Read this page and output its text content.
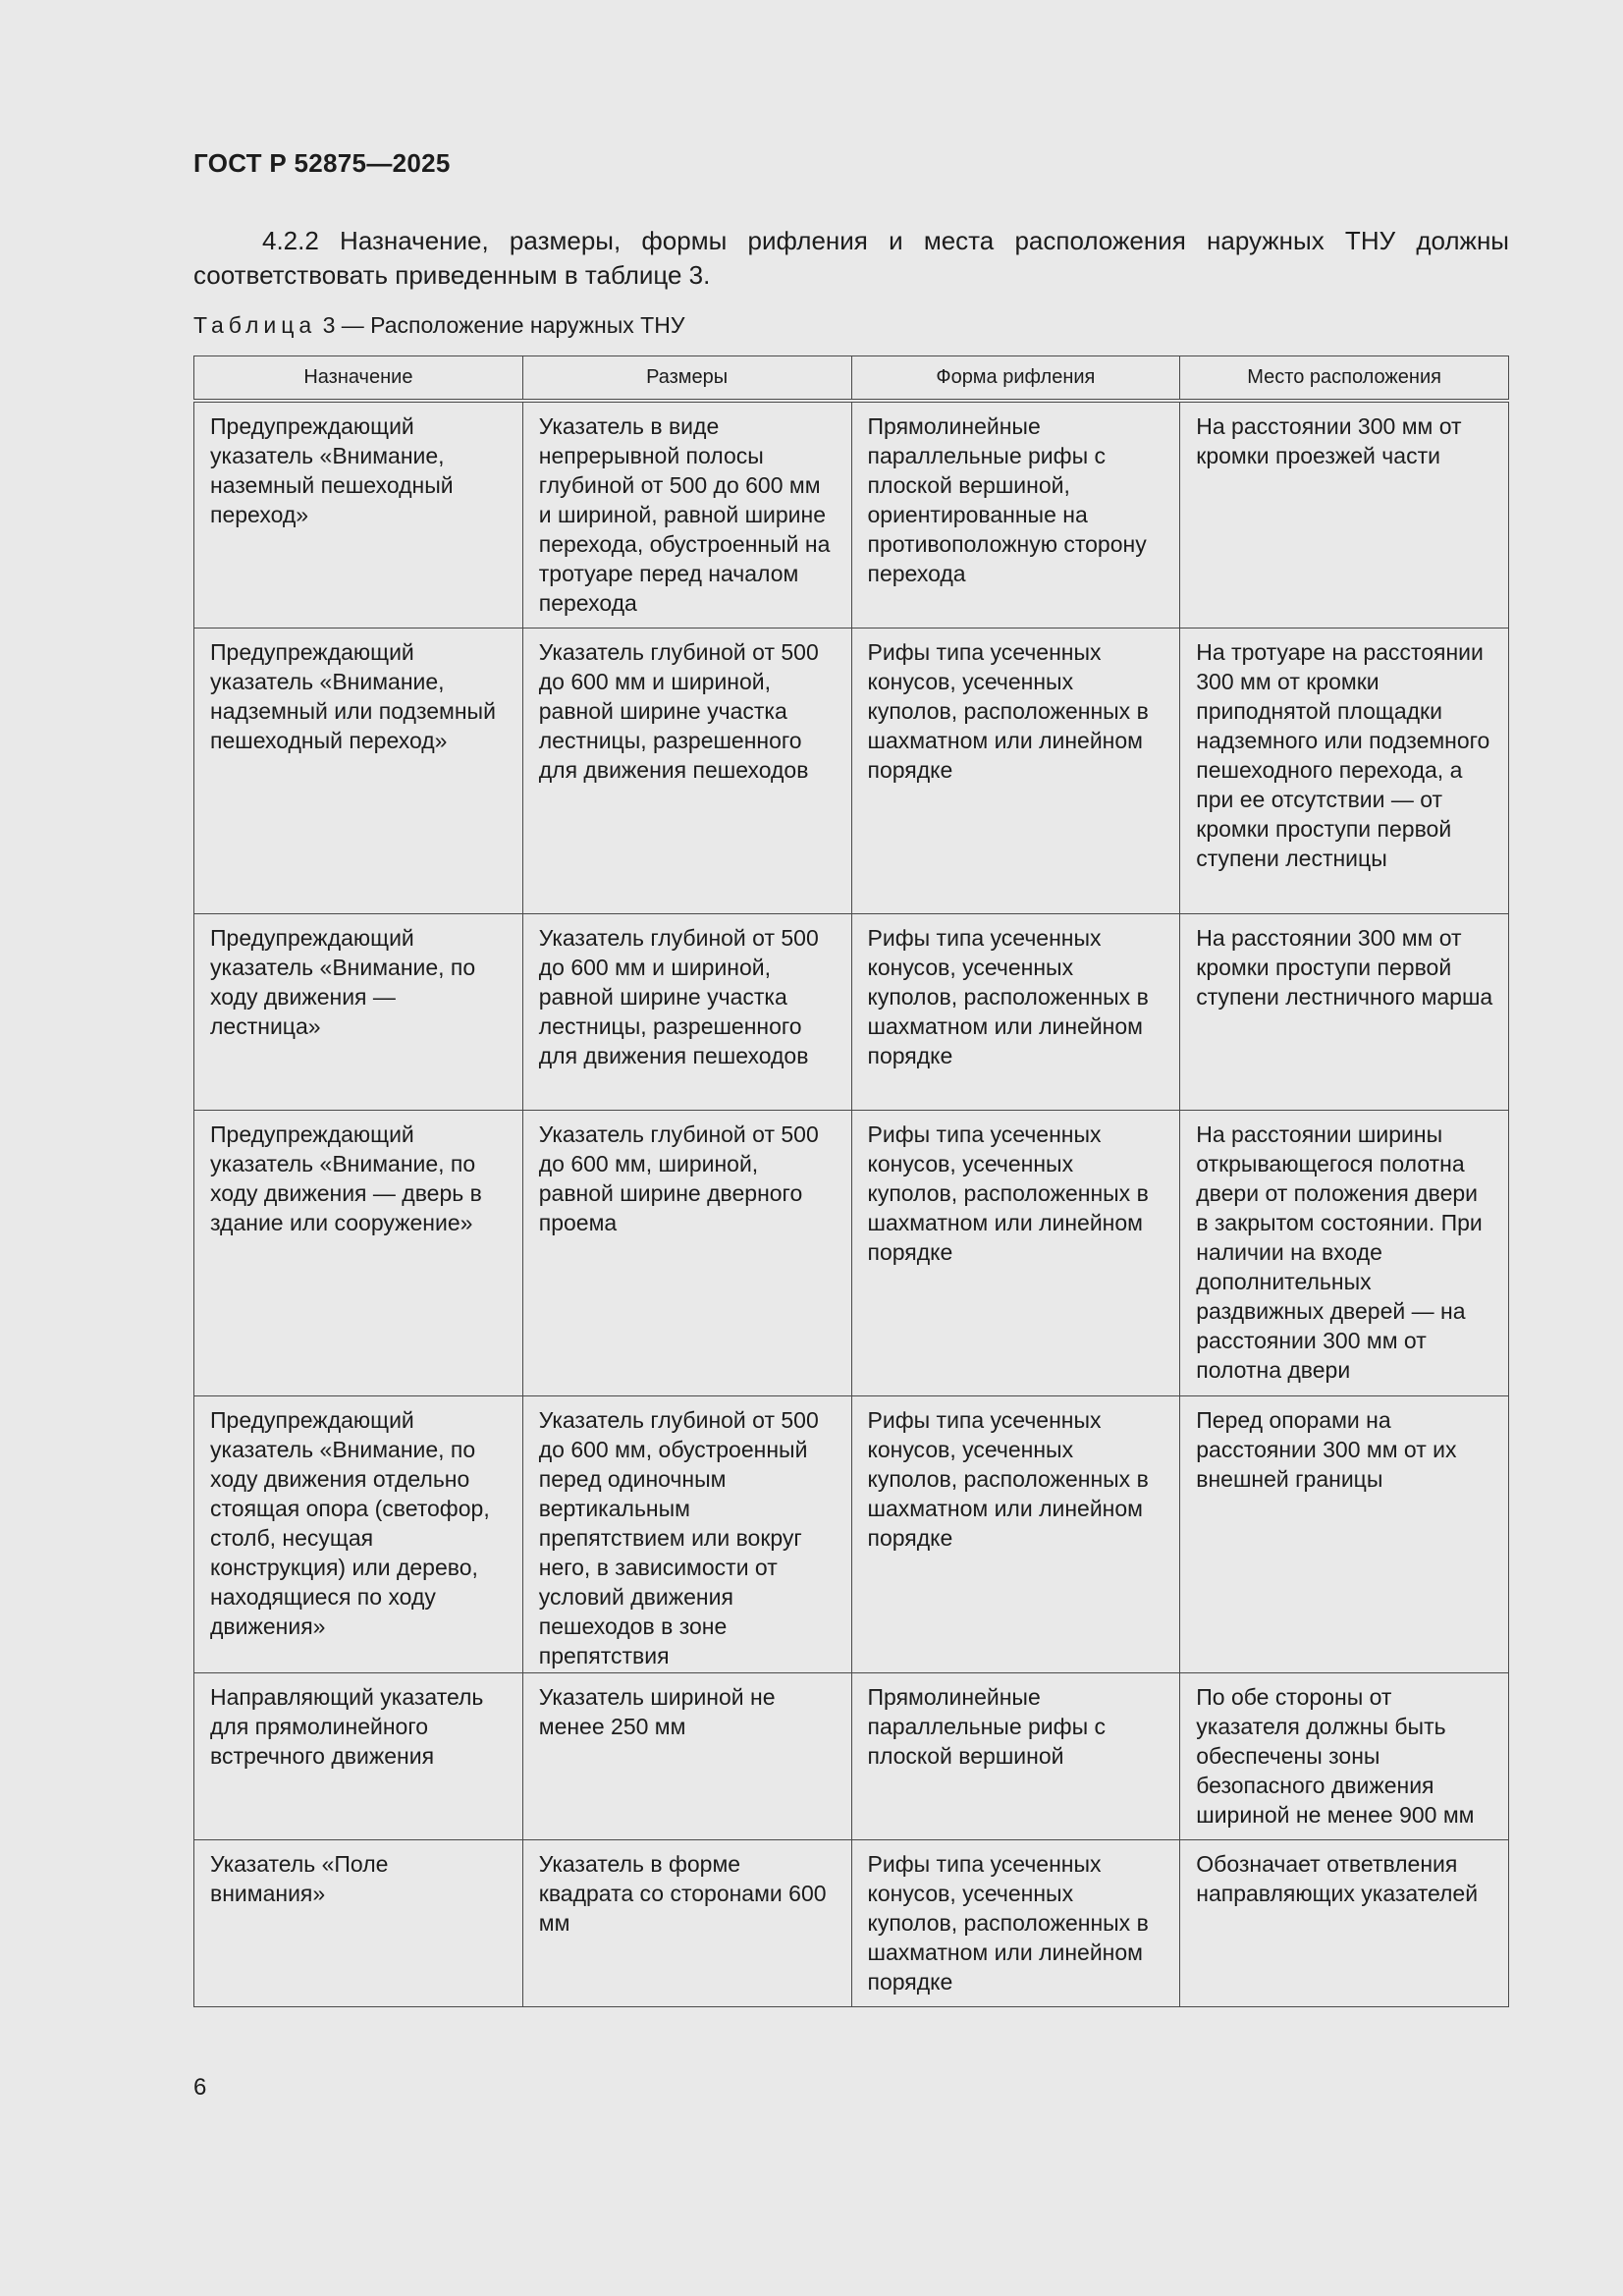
ГОСТ Р 52875—2025

4.2.2 Назначение, размеры, формы рифления и места расположения наружных ТНУ должны соответствовать приведенным в таблице 3.

Таблица 3 — Расположение наружных ТНУ
Назначение	Размеры	Форма рифления	Место расположения
Предупреждающий указатель «Внимание, наземный пешеходный переход»	Указатель в виде непрерывной полосы глубиной от 500 до 600 мм и шириной, равной ширине перехода, обустроенный на тротуаре перед началом перехода	Прямолинейные параллельные рифы с плоской вершиной, ориентированные на противоположную сторону перехода	На расстоянии 300 мм от кромки проезжей части
Предупреждающий указатель «Внимание, надземный или подземный пешеходный переход»	Указатель глубиной от 500 до 600 мм и шириной, равной ширине участка лестницы, разрешенного для движения пешеходов	Рифы типа усеченных конусов, усеченных куполов, расположенных в шахматном или линейном порядке	На тротуаре на расстоянии 300 мм от кромки приподнятой площадки надземного или подземного пешеходного перехода, а при ее отсутствии — от кромки проступи первой ступени лестницы
Предупреждающий указатель «Внимание, по ходу движения — лестница»	Указатель глубиной от 500 до 600 мм и шириной, равной ширине участка лестницы, разрешенного для движения пешеходов	Рифы типа усеченных конусов, усеченных куполов, расположенных в шахматном или линейном порядке	На расстоянии 300 мм от кромки проступи первой ступени лестничного марша
Предупреждающий указатель «Внимание, по ходу движения — дверь в здание или сооружение»	Указатель глубиной от 500 до 600 мм, шириной, равной ширине дверного проема	Рифы типа усеченных конусов, усеченных куполов, расположенных в шахматном или линейном порядке	На расстоянии ширины открывающегося полотна двери от положения двери в закрытом состоянии. При наличии на входе дополнительных раздвижных дверей — на расстоянии 300 мм от полотна двери
Предупреждающий указатель «Внимание, по ходу движения отдельно стоящая опора (светофор, столб, несущая конструкция) или дерево, находящиеся по ходу движения»	Указатель глубиной от 500 до 600 мм, обустроенный перед одиночным вертикальным препятствием или вокруг него, в зависимости от условий движения пешеходов в зоне препятствия	Рифы типа усеченных конусов, усеченных куполов, расположенных в шахматном или линейном порядке	Перед опорами на расстоянии 300 мм от их внешней границы
Направляющий указатель для прямолинейного встречного движения	Указатель шириной не менее 250 мм	Прямолинейные параллельные рифы с плоской вершиной	По обе стороны от указателя должны быть обеспечены зоны безопасного движения шириной не менее 900 мм
Указатель «Поле внимания»	Указатель в форме квадрата со сторонами 600 мм	Рифы типа усеченных конусов, усеченных куполов, расположенных в шахматном или линейном порядке	Обозначает ответвления направляющих указателей
6
